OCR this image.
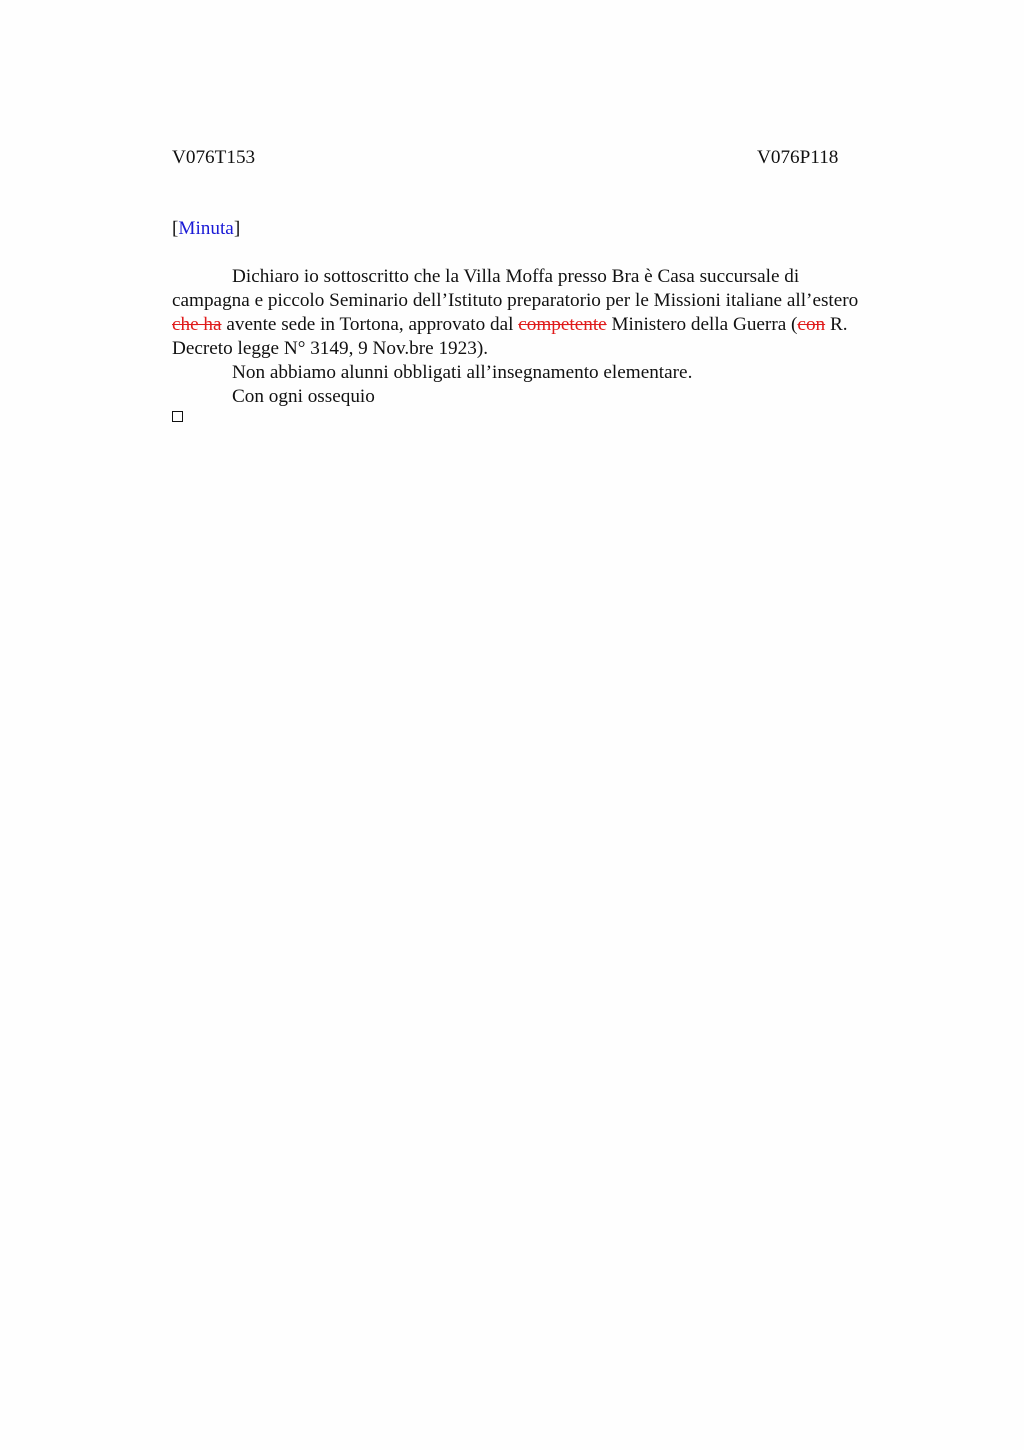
V076T153	V076P118
[Minuta]
Dichiaro io sottoscritto che la Villa Moffa presso Bra è Casa succursale di
campagna e piccolo Seminario dell’Istituto preparatorio per le Missioni italiane all’estero
che ha avente sede in Tortona, approvato dal competente Ministero della Guerra (con R.
Decreto legge N° 3149, 9 Nov.bre 1923).
Non abbiamo alunni obbligati all’insegnamento elementare.
Con ogni ossequio
